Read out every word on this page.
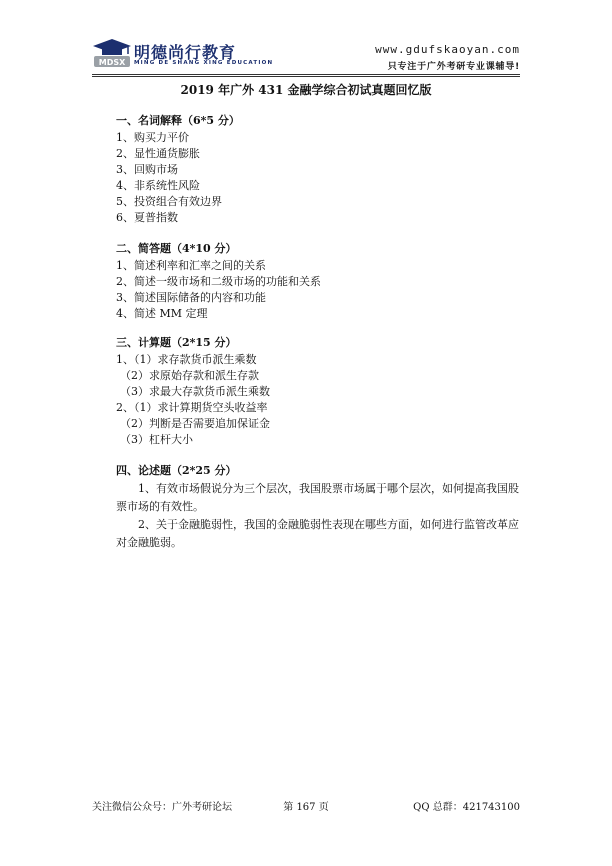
MDSX
明德尚行教育
MING DE SHANG XING EDUCATION
www.gdufskaoyan.com
只专注于广外考研专业课辅导!
2019 年广外 431 金融学综合初试真题回忆版
一、名词解释（6*5 分）
1、购买力平价
2、显性通货膨胀
3、回购市场
4、非系统性风险
5、投资组合有效边界
6、夏普指数
二、简答题（4*10 分）
1、简述利率和汇率之间的关系
2、简述一级市场和二级市场的功能和关系
3、简述国际储备的内容和功能
4、简述 MM 定理
三、计算题（2*15 分）
1、（1）求存款货币派生乘数
（2）求原始存款和派生存款
（3）求最大存款货币派生乘数
2、（1）求计算期货空头收益率
（2）判断是否需要追加保证金
（3）杠杆大小
四、论述题（2*25 分）
1、有效市场假说分为三个层次，我国股票市场属于哪个层次，如何提高我国股票市场的有效性。
2、关于金融脆弱性，我国的金融脆弱性表现在哪些方面，如何进行监管改革应对金融脆弱。
关注微信公众号：广外考研论坛	第 167 页	QQ 总群：421743100
